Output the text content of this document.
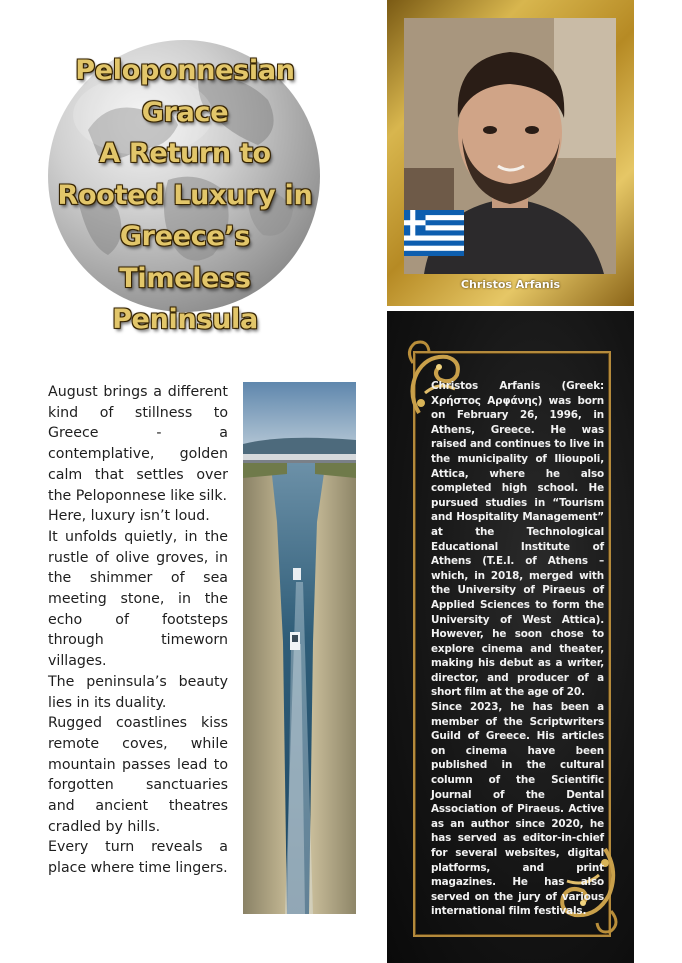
Peloponnesian
Grace
A Return to
Rooted Luxury in
Greece’s
Timeless
Peninsula
Christos Arfanis

August brings a different kind of stillness to Greece - a contemplative, golden calm that settles over the Peloponnese like silk.

Here, luxury isn’t loud.

It unfolds quietly, in the rustle of olive groves, in the shimmer of sea meeting stone, in the echo of footsteps through timeworn villages.

The peninsula’s beauty lies in its duality.

Rugged coastlines kiss remote coves, while mountain passes lead to forgotten sanctuaries and ancient theatres cradled by hills.

Every turn reveals a place where time lingers.

Christos Arfanis (Greek: Χρήστος Αρφάνης) was born on February 26, 1996, in Athens, Greece. He was raised and continues to live in the municipality of Ilioupoli, Attica, where he also completed high school. He pursued studies in “Tourism and Hospitality Management” at the Technological Educational Institute of Athens (T.E.I. of Athens – which, in 2018, merged with the University of Piraeus of Applied Sciences to form the University of West Attica). However, he soon chose to explore cinema and theater, making his debut as a writer, director, and producer of a short film at the age of 20.

Since 2023, he has been a member of the Scriptwriters Guild of Greece. His articles on cinema have been published in the cultural column of the Scientific Journal of the Dental Association of Piraeus. Active as an author since 2020, he has served as editor-in-chief for several websites, digital platforms, and print magazines. He has also served on the jury of various international film festivals.
